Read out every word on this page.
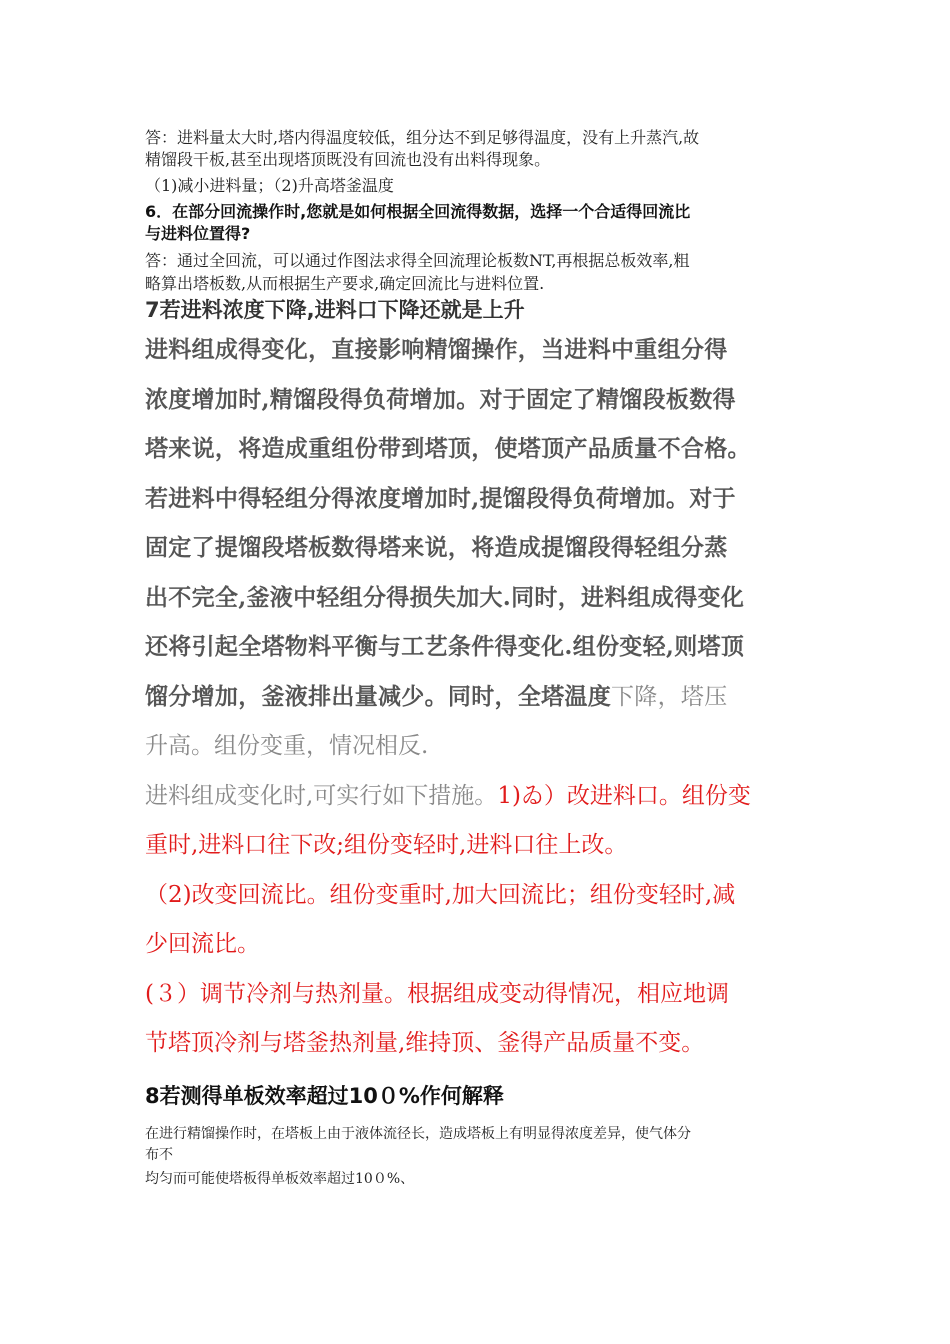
答：进料量太大时,塔内得温度较低，组分达不到足够得温度，没有上升蒸汽,故

精馏段干板,甚至出现塔顶既没有回流也没有出料得现象。

（1)减小进料量；（2)升高塔釜温度

6．在部分回流操作时,您就是如何根据全回流得数据，选择一个合适得回流比

与进料位置得?

答：通过全回流，可以通过作图法求得全回流理论板数NT,再根据总板效率,粗

略算出塔板数,从而根据生产要求,确定回流比与进料位置.

7若进料浓度下降,进料口下降还就是上升

进料组成得变化，直接影响精馏操作，当进料中重组分得
浓度增加时,精馏段得负荷增加。对于固定了精馏段板数得
塔来说，将造成重组份带到塔顶，使塔顶产品质量不合格。
若进料中得轻组分得浓度增加时,提馏段得负荷增加。对于
固定了提馏段塔板数得塔来说，将造成提馏段得轻组分蒸
出不完全,釜液中轻组分得损失加大.同时，进料组成得变化
还将引起全塔物料平衡与工艺条件得变化.组份变轻,则塔顶
馏分增加，釜液排出量减少。同时，全塔温度下降，塔压
升高。组份变重，情况相反.
进料组成变化时,可实行如下措施。1)ゐ）改进料口。组份变
重时,进料口往下改;组份变轻时,进料口往上改。
（2)改变回流比。组份变重时,加大回流比；组份变轻时,减
少回流比。
(３）调节冷剂与热剂量。根据组成变动得情况，相应地调
节塔顶冷剂与塔釜热剂量,维持顶、釜得产品质量不变。

8若测得单板效率超过10０%作何解释

在进行精馏操作时，在塔板上由于液体流径长，造成塔板上有明显得浓度差异，使气体分

布不

均匀而可能使塔板得单板效率超过10０%、
